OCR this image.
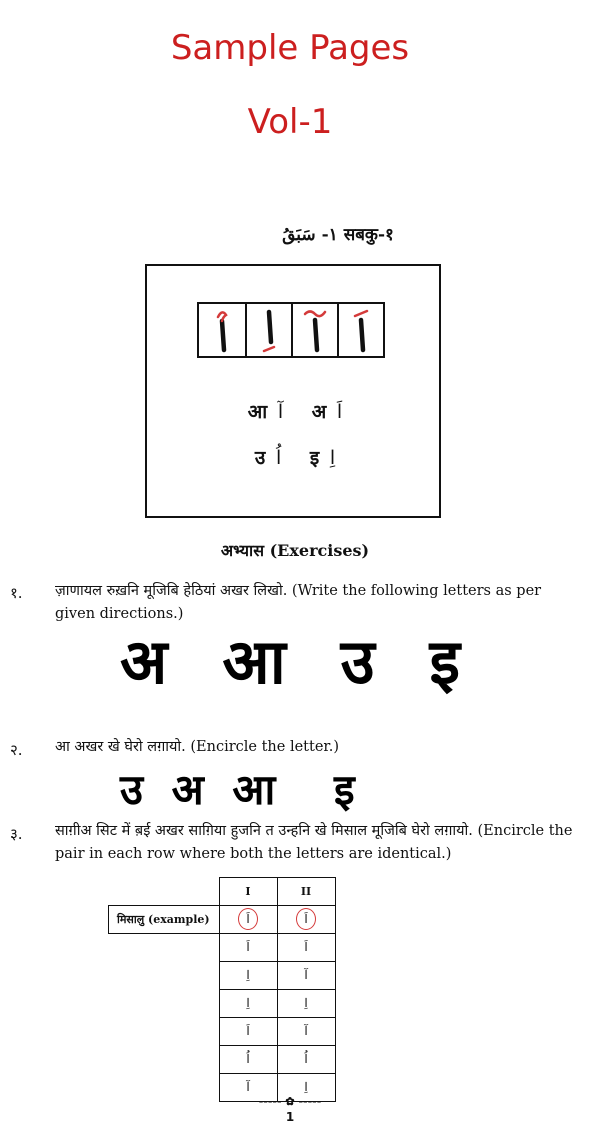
Sample Pages
Vol-1
١- سَبَقُ सबकु-१
आ آ अ اَ
उ اُ इ اِ
अभ्यास (Exercises)
१. ज़ाणायल रुख़नि मूजिबि हेठियां अखर लिखो. (Write the following letters as per given directions.)
अ आ उ इ
२. आ अखर खे घेरो लग़ायो. (Encircle the letter.)
उ अ आ इ
३. साग़ीअ सिट में ब़ई अखर साग़िया हुजनि त उन्हनि खे मिसाल मूजिबि घेरो लग़ायो. (Encircle the pair in each row where both the letters are identical.)
	I	II
मिसालु (example)	اَ	اَ
	اَ	اَ
	اِ	آ
	اِ	اِ
	اَ	آ
	اُ	اُ
	آ	اِ
----- ✿ -----
1
